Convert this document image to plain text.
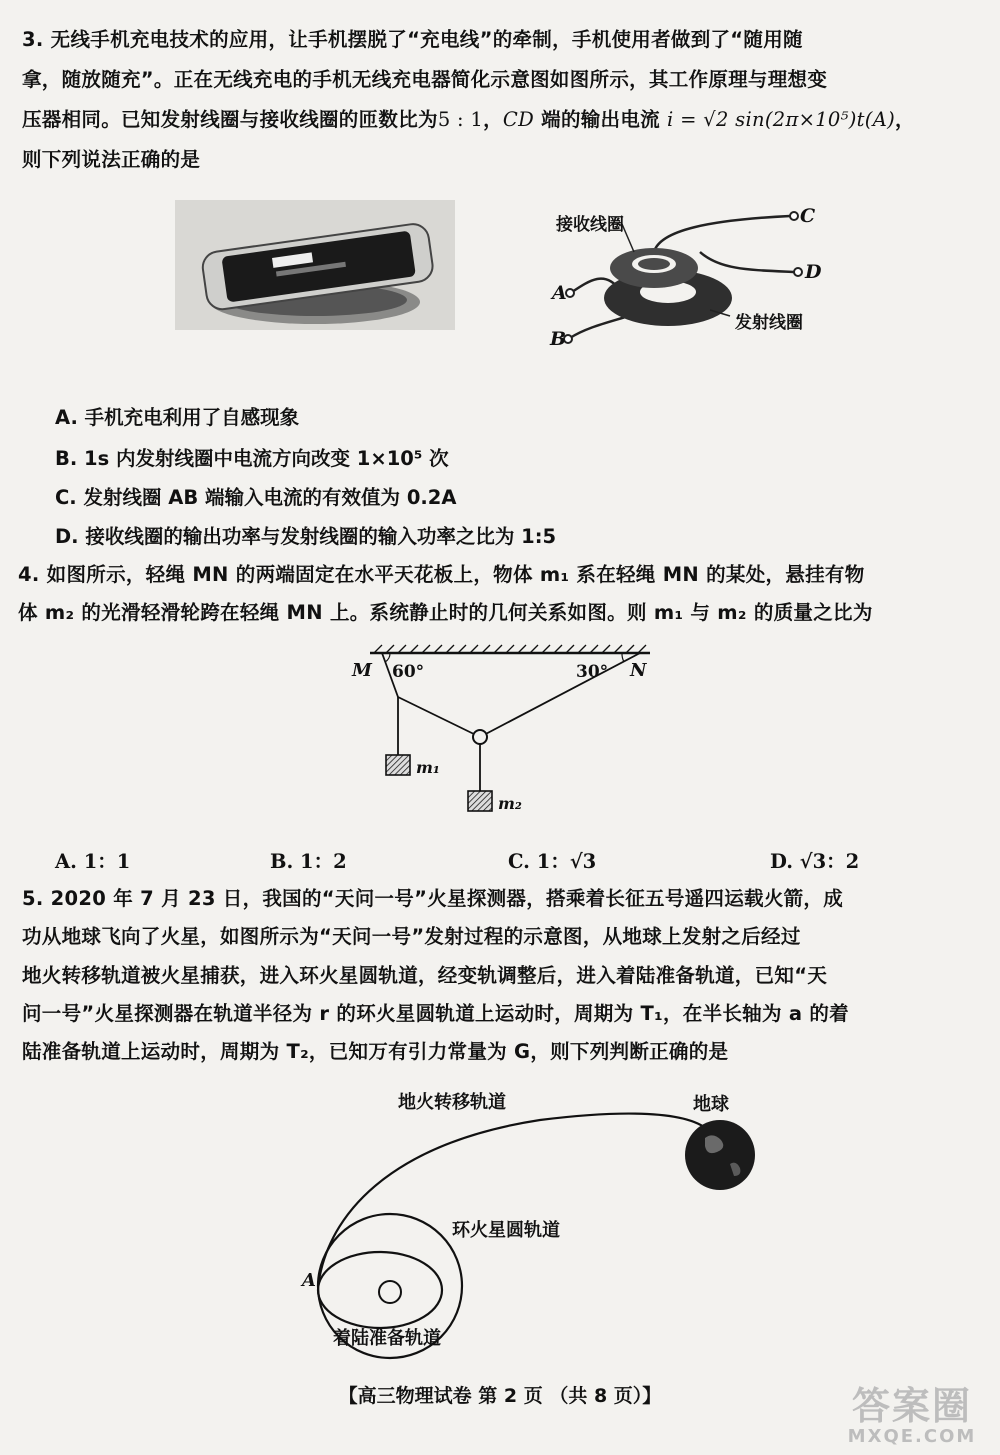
3. 无线手机充电技术的应用，让手机摆脱了“充电线”的牵制，手机使用者做到了“随用随
拿，随放随充”。正在无线充电的手机无线充电器简化示意图如图所示，其工作原理与理想变
压器相同。已知发射线圈与接收线圈的匝数比为5 : 1，CD 端的输出电流 i = √2 sin(2π×10⁵)t(A)，
则下列说法正确的是
接收线圈
发射线圈
C
D
A
B
A. 手机充电利用了自感现象
B. 1s 内发射线圈中电流方向改变 1×10⁵ 次
C. 发射线圈 AB 端输入电流的有效值为 0.2A
D. 接收线圈的输出功率与发射线圈的输入功率之比为 1:5
4. 如图所示，轻绳 MN 的两端固定在水平天花板上，物体 m₁ 系在轻绳 MN 的某处，悬挂有物
体 m₂ 的光滑轻滑轮跨在轻绳 MN 上。系统静止时的几何关系如图。则 m₁ 与 m₂ 的质量之比为
M 60°	30° N
m₁
m₂
A. 1：1	B. 1：2	C. 1：√3	D. √3：2
5. 2020 年 7 月 23 日，我国的“天问一号”火星探测器，搭乘着长征五号遥四运载火箭，成
功从地球飞向了火星，如图所示为“天问一号”发射过程的示意图，从地球上发射之后经过
地火转移轨道被火星捕获，进入环火星圆轨道，经变轨调整后，进入着陆准备轨道，已知“天
问一号”火星探测器在轨道半径为 r 的环火星圆轨道上运动时，周期为 T₁，在半长轴为 a 的着
陆准备轨道上运动时，周期为 T₂，已知万有引力常量为 G，则下列判断正确的是
地火转移轨道	地球
环火星圆轨道
着陆准备轨道
A
【高三物理试卷 第 2 页 （共 8 页）】	答案圈
MXQE.COM
